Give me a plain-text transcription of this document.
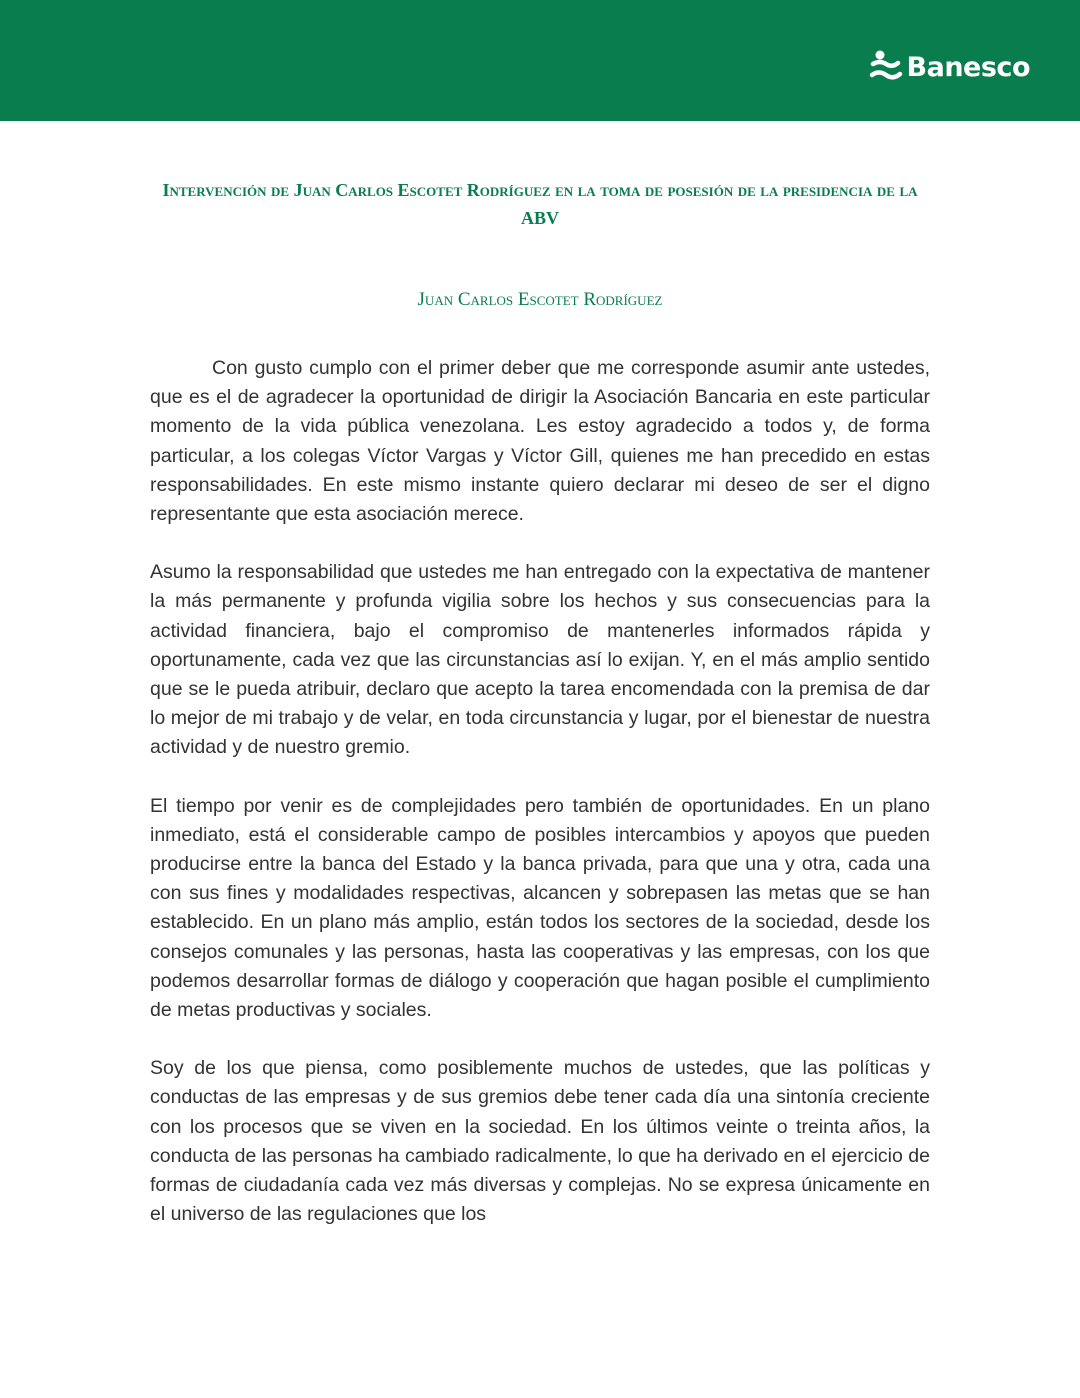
Banesco
Intervención de Juan Carlos Escotet Rodríguez en la toma de posesión de la presidencia de la ABV

Juan Carlos Escotet Rodríguez

Con gusto cumplo con el primer deber que me corresponde asumir ante ustedes, que es el de agradecer la oportunidad de dirigir la Asociación Bancaria en este particular momento de la vida pública venezolana. Les estoy agradecido a todos y, de forma particular, a los colegas Víctor Vargas y Víctor Gill, quienes me han precedido en estas responsabilidades. En este mismo instante quiero declarar mi deseo de ser el digno representante que esta asociación merece.

Asumo la responsabilidad que ustedes me han entregado con la expectativa de mantener la más permanente y profunda vigilia sobre los hechos y sus consecuencias para la actividad financiera, bajo el compromiso de mantenerles informados rápida y oportunamente, cada vez que las circunstancias así lo exijan. Y, en el más amplio sentido que se le pueda atribuir, declaro que acepto la tarea encomendada con la premisa de dar lo mejor de mi trabajo y de velar, en toda circunstancia y lugar, por el bienestar de nuestra actividad y de nuestro gremio.

El tiempo por venir es de complejidades pero también de oportunidades. En un plano inmediato, está el considerable campo de posibles intercambios y apoyos que pueden producirse entre la banca del Estado y la banca privada, para que una y otra, cada una con sus fines y modalidades respectivas, alcancen y sobrepasen las metas que se han establecido. En un plano más amplio, están todos los sectores de la sociedad, desde los consejos comunales y las personas, hasta las cooperativas y las empresas, con los que podemos desarrollar formas de diálogo y cooperación que hagan posible el cumplimiento de metas productivas y sociales.

Soy de los que piensa, como posiblemente muchos de ustedes, que las políticas y conductas de las empresas y de sus gremios debe tener cada día una sintonía creciente con los procesos que se viven en la sociedad. En los últimos veinte o treinta años, la conducta de las personas ha cambiado radicalmente, lo que ha derivado en el ejercicio de formas de ciudadanía cada vez más diversas y complejas. No se expresa únicamente en el universo de las regulaciones que los
